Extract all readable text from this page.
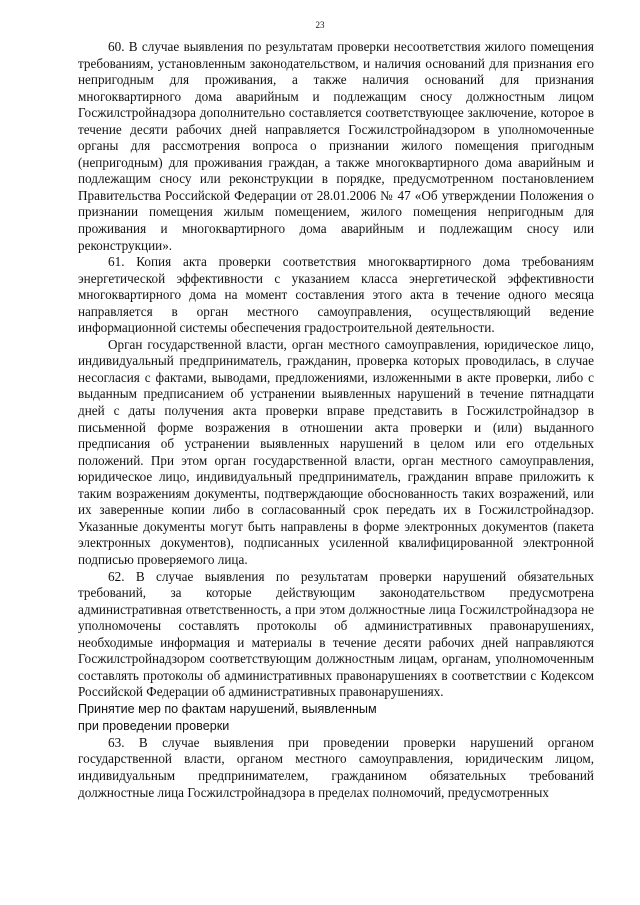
23

60. В случае выявления по результатам проверки несоответствия жилого помещения требованиям, установленным законодательством, и наличия оснований для признания его непригодным для проживания, а также наличия оснований для признания многоквартирного дома аварийным и подлежащим сносу должностным лицом Госжилстройнадзора дополнительно составляется соответствующее заключение, которое в течение десяти рабочих дней направляется Госжилстройнадзором в уполномоченные органы для рассмотрения вопроса о признании жилого помещения пригодным (непригодным) для проживания граждан, а также многоквартирного дома аварийным и подлежащим сносу или реконструкции в порядке, предусмотренном постановлением Правительства Российской Федерации от 28.01.2006 № 47 «Об утверждении Положения о признании помещения жилым помещением, жилого помещения непригодным для проживания и многоквартирного дома аварийным и подлежащим сносу или реконструкции».

61. Копия акта проверки соответствия многоквартирного дома требованиям энергетической эффективности с указанием класса энергетической эффективности многоквартирного дома на момент составления этого акта в течение одного месяца направляется в орган местного самоуправления, осуществляющий ведение информационной системы обеспечения градостроительной деятельности.

Орган государственной власти, орган местного самоуправления, юридическое лицо, индивидуальный предприниматель, гражданин, проверка которых проводилась, в случае несогласия с фактами, выводами, предложениями, изложенными в акте проверки, либо с выданным предписанием об устранении выявленных нарушений в течение пятнадцати дней с даты получения акта проверки вправе представить в Госжилстройнадзор в письменной форме возражения в отношении акта проверки и (или) выданного предписания об устранении выявленных нарушений в целом или его отдельных положений. При этом орган государственной власти, орган местного самоуправления, юридическое лицо, индивидуальный предприниматель, гражданин вправе приложить к таким возражениям документы, подтверждающие обоснованность таких возражений, или их заверенные копии либо в согласованный срок передать их в Госжилстройнадзор. Указанные документы могут быть направлены в форме электронных документов (пакета электронных документов), подписанных усиленной квалифицированной электронной подписью проверяемого лица.

62. В случае выявления по результатам проверки нарушений обязательных требований, за которые действующим законодательством предусмотрена административная ответственность, а при этом должностные лица Госжилстройнадзора не уполномочены составлять протоколы об административных правонарушениях, необходимые информация и материалы в течение десяти рабочих дней направляются Госжилстройнадзором соответствующим должностным лицам, органам, уполномоченным составлять протоколы об административных правонарушениях в соответствии с Кодексом Российской Федерации об административных правонарушениях.

Принятие мер по фактам нарушений, выявленным
при проведении проверки

63. В случае выявления при проведении проверки нарушений органом государственной власти, органом местного самоуправления, юридическим лицом, индивидуальным предпринимателем, гражданином обязательных требований должностные лица Госжилстройнадзора в пределах полномочий, предусмотренных
